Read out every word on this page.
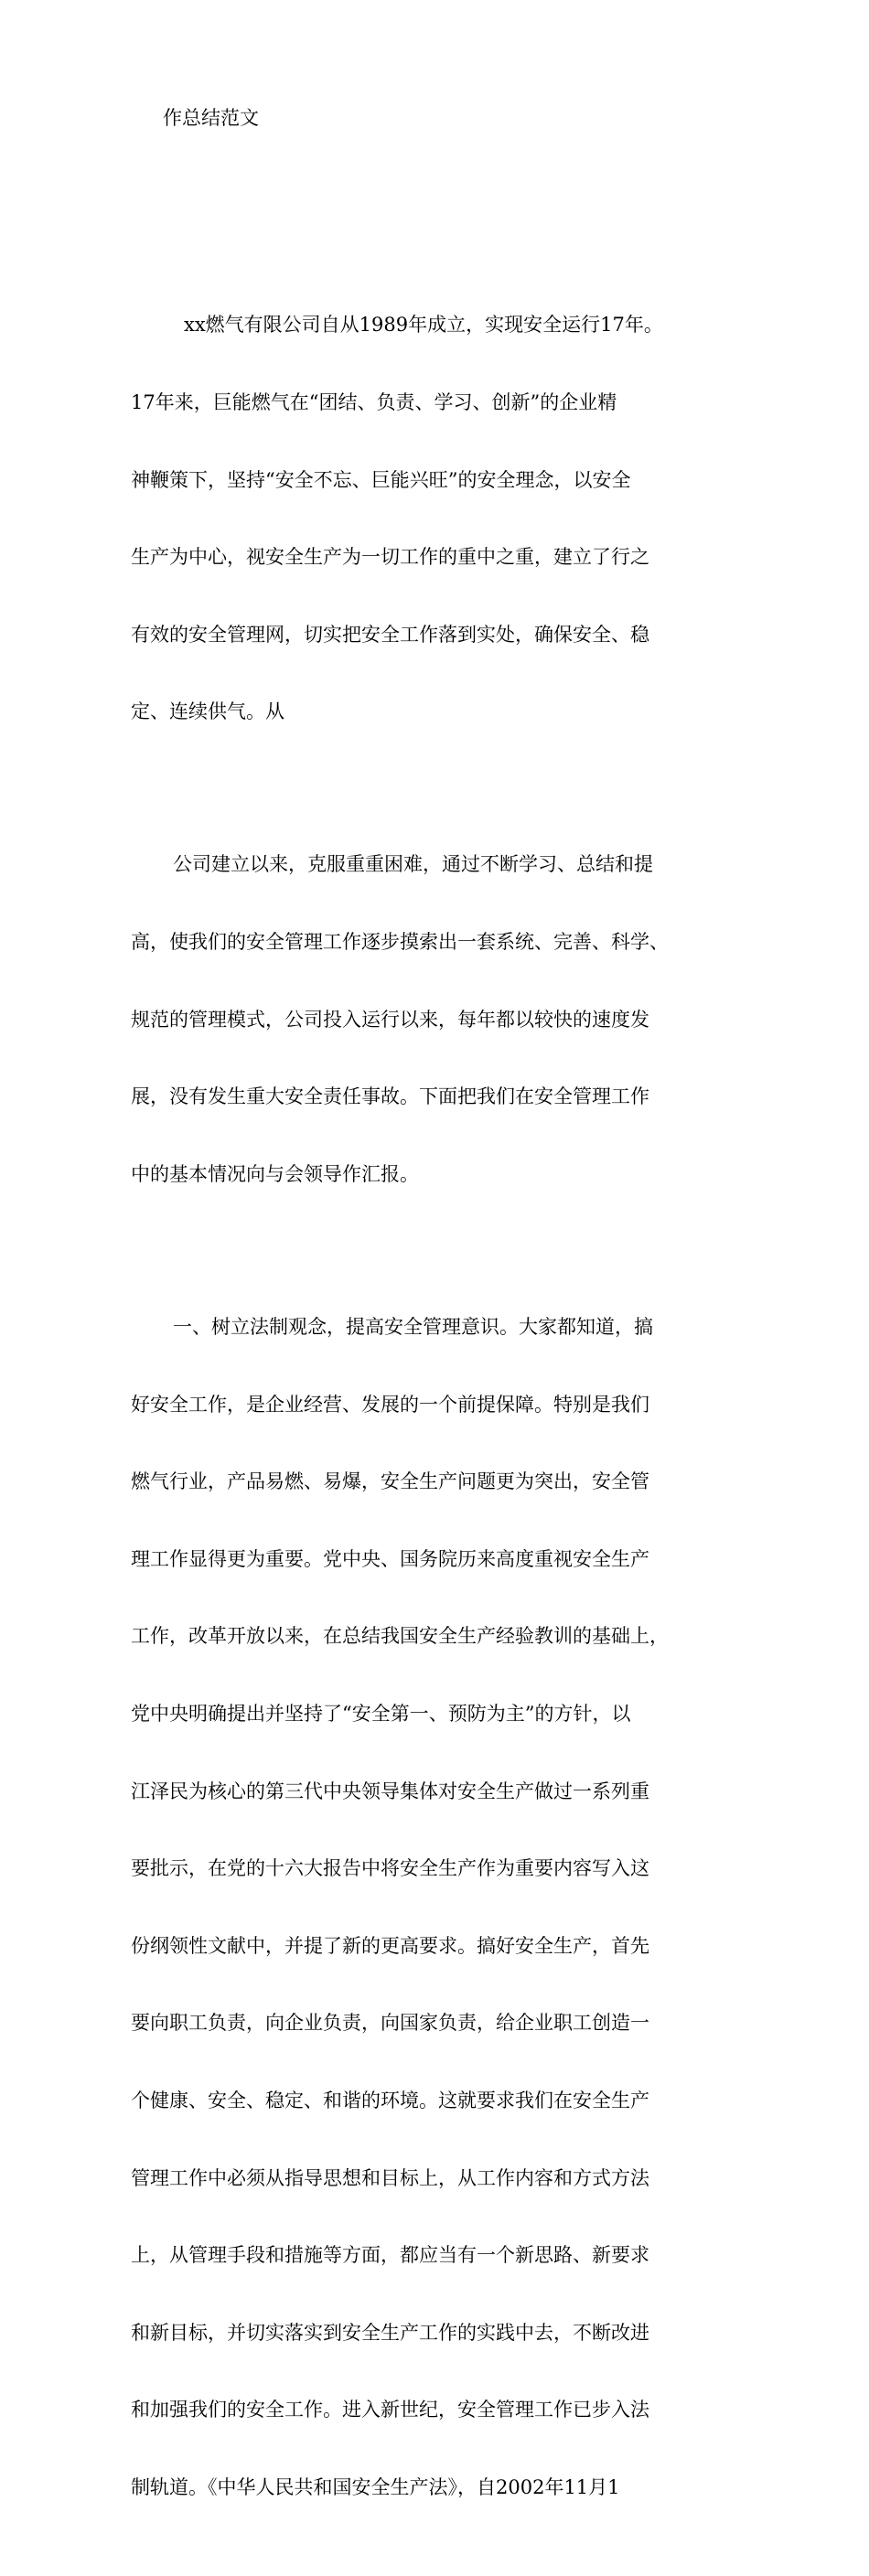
作总结范文

xx燃气有限公司自从1989年成立，实现安全运行17年。

17年来，巨能燃气在“团结、负责、学习、创新”的企业精

神鞭策下，坚持“安全不忘、巨能兴旺”的安全理念，以安全

生产为中心，视安全生产为一切工作的重中之重，建立了行之

有效的安全管理网，切实把安全工作落到实处，确保安全、稳

定、连续供气。从

公司建立以来，克服重重困难，通过不断学习、总结和提

高，使我们的安全管理工作逐步摸索出一套系统、完善、科学、

规范的管理模式，公司投入运行以来，每年都以较快的速度发

展，没有发生重大安全责任事故。下面把我们在安全管理工作

中的基本情况向与会领导作汇报。

一、树立法制观念，提高安全管理意识。大家都知道，搞

好安全工作，是企业经营、发展的一个前提保障。特别是我们

燃气行业，产品易燃、易爆，安全生产问题更为突出，安全管

理工作显得更为重要。党中央、国务院历来高度重视安全生产

工作，改革开放以来，在总结我国安全生产经验教训的基础上，

党中央明确提出并坚持了“安全第一、预防为主”的方针，以

江泽民为核心的第三代中央领导集体对安全生产做过一系列重

要批示，在党的十六大报告中将安全生产作为重要内容写入这

份纲领性文献中，并提了新的更高要求。搞好安全生产，首先

要向职工负责，向企业负责，向国家负责，给企业职工创造一

个健康、安全、稳定、和谐的环境。这就要求我们在安全生产

管理工作中必须从指导思想和目标上，从工作内容和方式方法

上，从管理手段和措施等方面，都应当有一个新思路、新要求

和新目标，并切实落实到安全生产工作的实践中去，不断改进

和加强我们的安全工作。进入新世纪，安全管理工作已步入法

制轨道。《中华人民共和国安全生产法》，自2002年11月1
